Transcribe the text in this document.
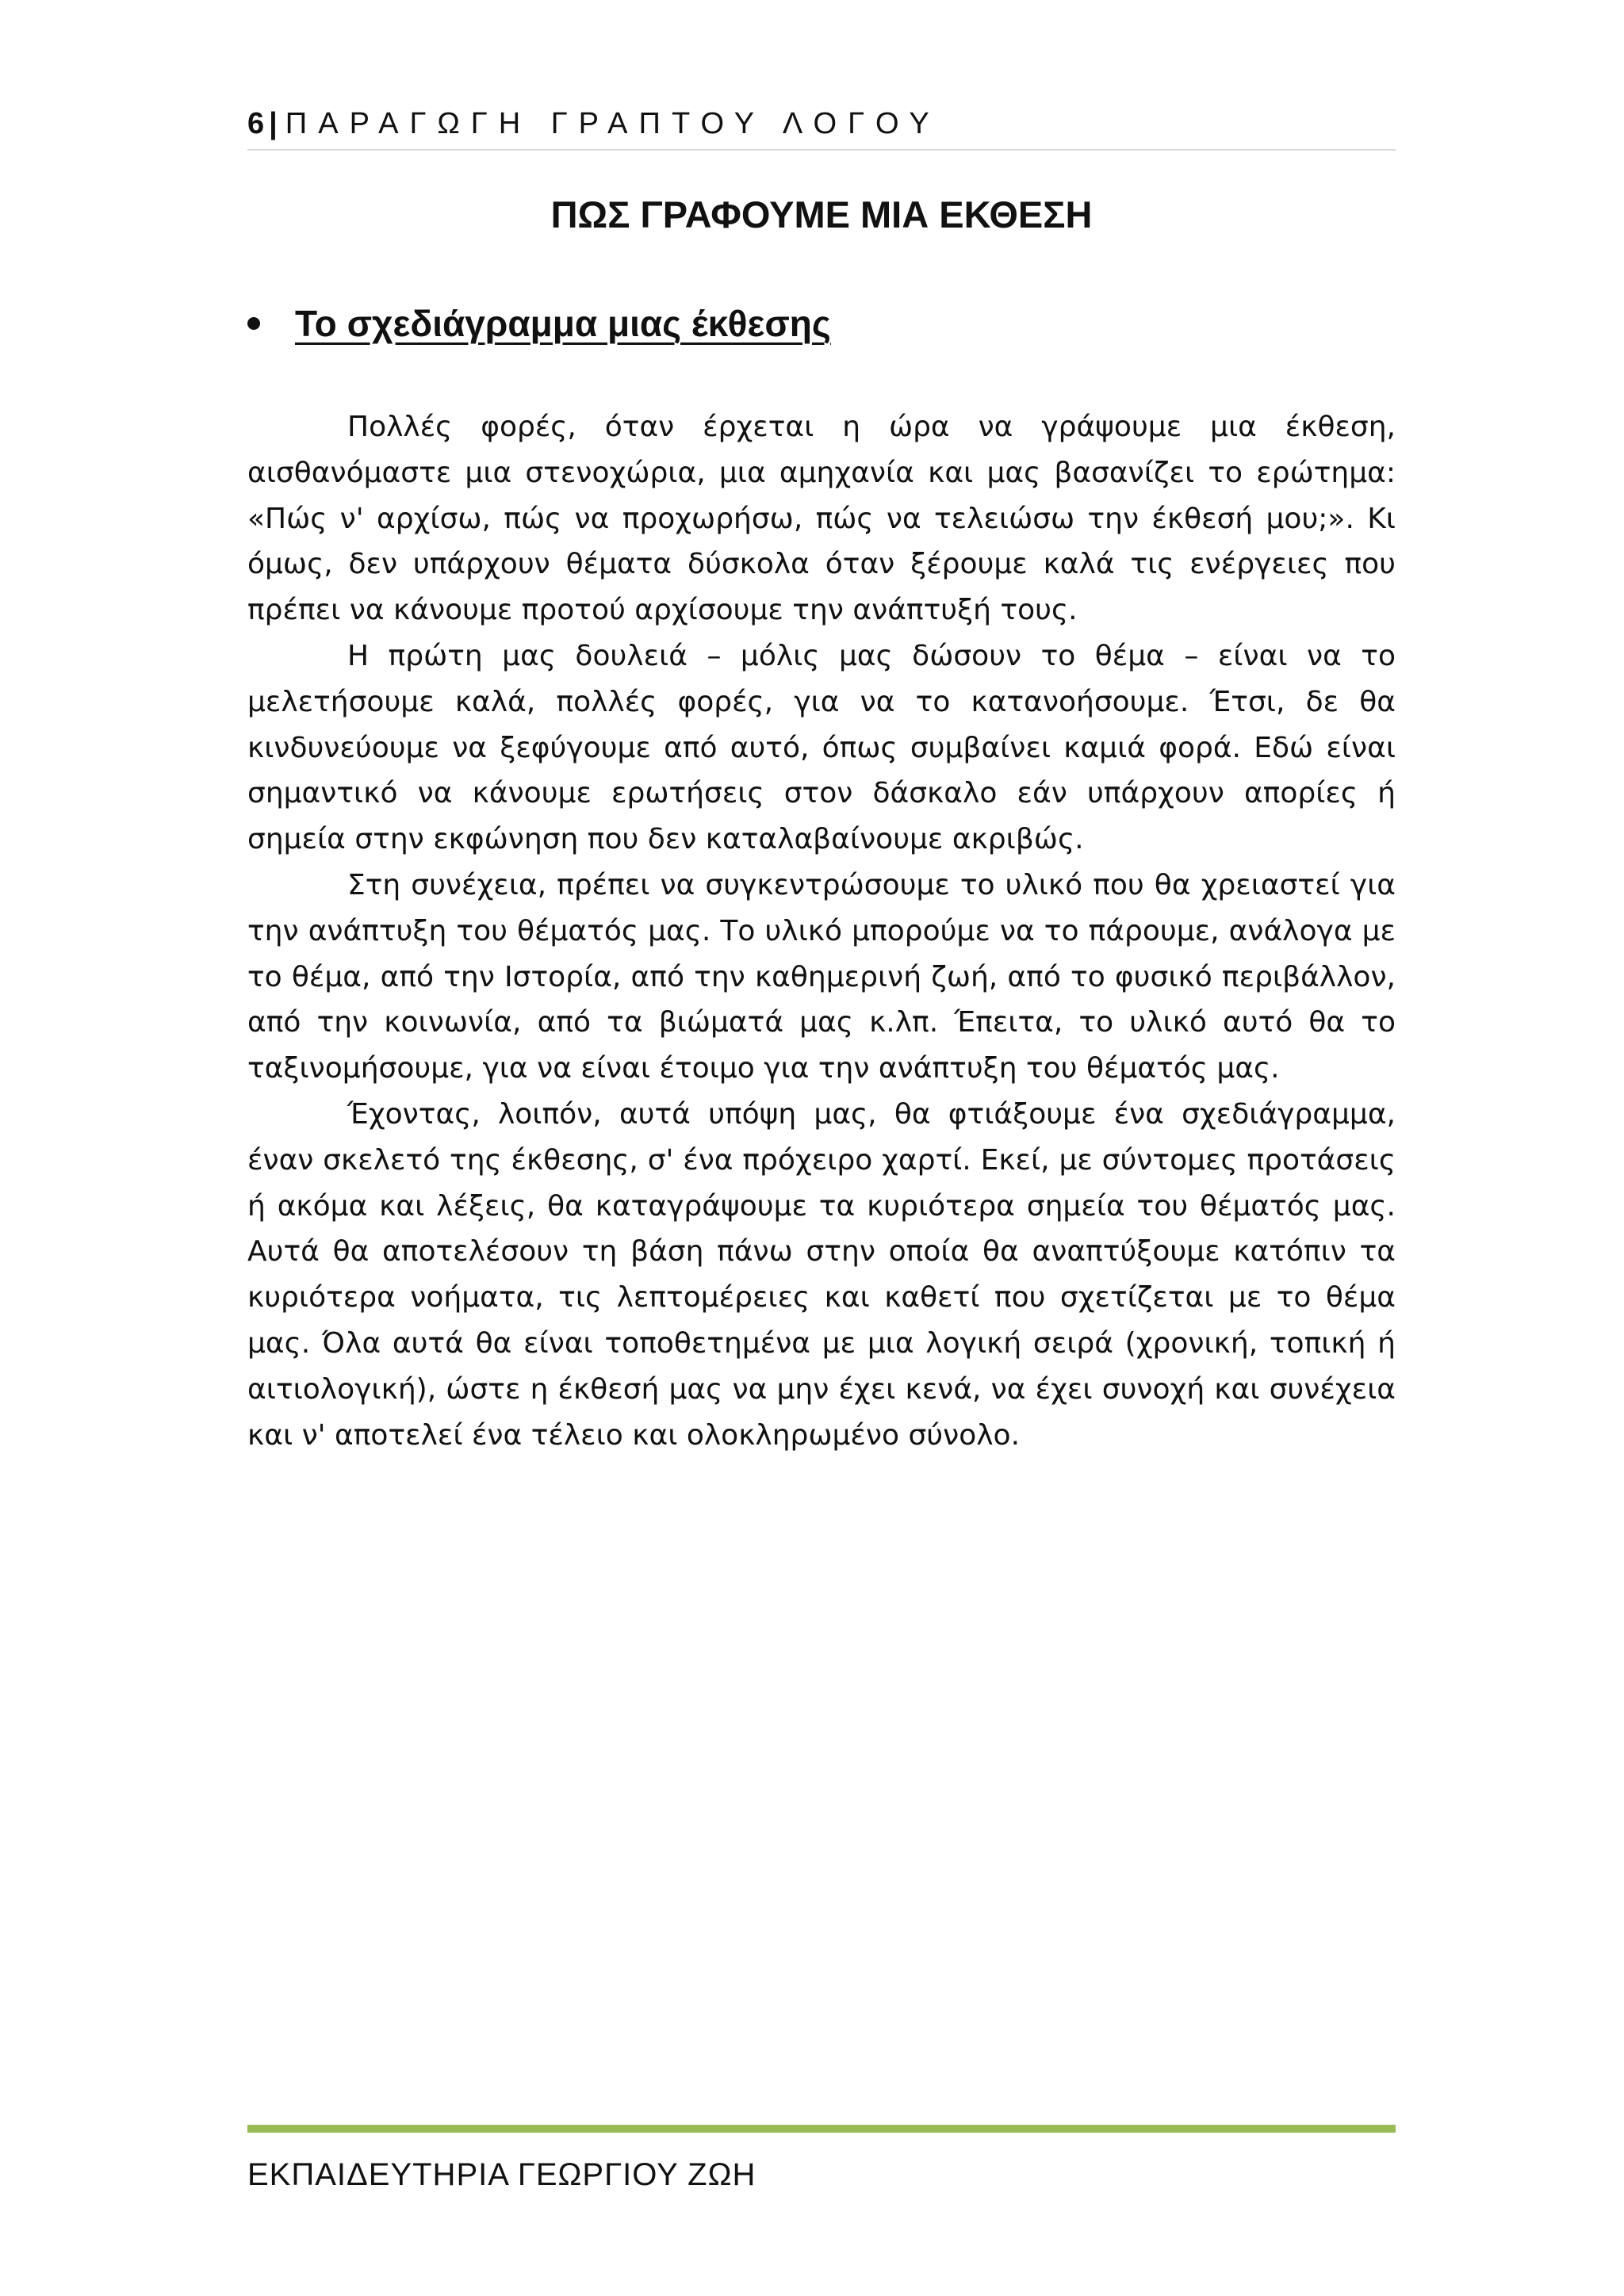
6 | ΠΑΡΑΓΩΓΗ ΓΡΑΠΤΟΥ ΛΟΓΟΥ
ΠΩΣ ΓΡΑΦΟΥΜΕ ΜΙΑ ΕΚΘΕΣΗ
Το σχεδιάγραμμα μιας έκθεσης

Πολλές φορές, όταν έρχεται η ώρα να γράψουμε μια έκθεση, αισθανόμαστε μια στενοχώρια, μια αμηχανία και μας βασανίζει το ερώτημα: «Πώς ν' αρχίσω, πώς να προχωρήσω, πώς να τελειώσω την έκθεσή μου;». Κι όμως, δεν υπάρχουν θέματα δύσκολα όταν ξέρουμε καλά τις ενέργειες που πρέπει να κάνουμε προτού αρχίσουμε την ανάπτυξή τους.

Η πρώτη μας δουλειά – μόλις μας δώσουν το θέμα – είναι να το μελετήσουμε καλά, πολλές φορές, για να το κατανοήσουμε. Έτσι, δε θα κινδυνεύουμε να ξεφύγουμε από αυτό, όπως συμβαίνει καμιά φορά. Εδώ είναι σημαντικό να κάνουμε ερωτήσεις στον δάσκαλο εάν υπάρχουν απορίες ή σημεία στην εκφώνηση που δεν καταλαβαίνουμε ακριβώς.

Στη συνέχεια, πρέπει να συγκεντρώσουμε το υλικό που θα χρειαστεί για την ανάπτυξη του θέματός μας. Το υλικό μπορούμε να το πάρουμε, ανάλογα με το θέμα, από την Ιστορία, από την καθημερινή ζωή, από το φυσικό περιβάλλον, από την κοινωνία, από τα βιώματά μας κ.λπ. Έπειτα, το υλικό αυτό θα το ταξινομήσουμε, για να είναι έτοιμο για την ανάπτυξη του θέματός μας.

Έχοντας, λοιπόν, αυτά υπόψη μας, θα φτιάξουμε ένα σχεδιάγραμμα, έναν σκελετό της έκθεσης, σ' ένα πρόχειρο χαρτί. Εκεί, με σύντομες προτάσεις ή ακόμα και λέξεις, θα καταγράψουμε τα κυριότερα σημεία του θέματός μας. Αυτά θα αποτελέσουν τη βάση πάνω στην οποία θα αναπτύξουμε κατόπιν τα κυριότερα νοήματα, τις λεπτομέρειες και καθετί που σχετίζεται με το θέμα μας. Όλα αυτά θα είναι τοποθετημένα με μια λογική σειρά (χρονική, τοπική ή αιτιολογική), ώστε η έκθεσή μας να μην έχει κενά, να έχει συνοχή και συνέχεια και ν' αποτελεί ένα τέλειο και ολοκληρωμένο σύνολο.

ΕΚΠΑΙΔΕΥΤΗΡΙΑ ΓΕΩΡΓΙΟΥ ΖΩΗ
